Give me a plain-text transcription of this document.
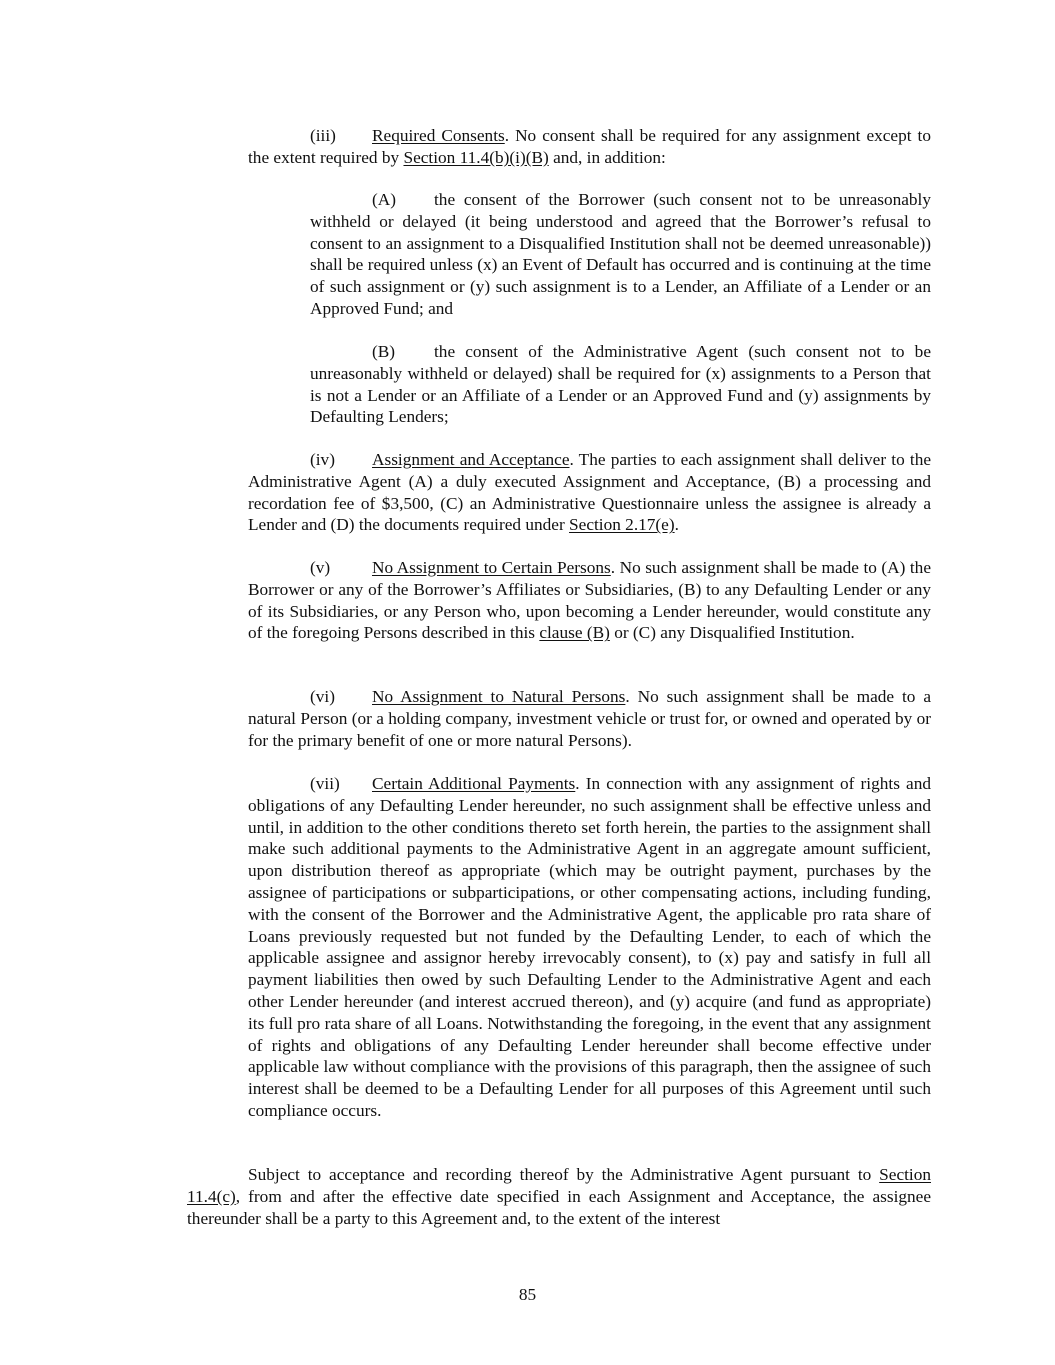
(iii) Required Consents. No consent shall be required for any assignment except to the extent required by Section 11.4(b)(i)(B) and, in addition:

(A) the consent of the Borrower (such consent not to be unreasonably withheld or delayed (it being understood and agreed that the Borrower’s refusal to consent to an assignment to a Disqualified Institution shall not be deemed unreasonable)) shall be required unless (x) an Event of Default has occurred and is continuing at the time of such assignment or (y) such assignment is to a Lender, an Affiliate of a Lender or an Approved Fund; and

(B) the consent of the Administrative Agent (such consent not to be unreasonably withheld or delayed) shall be required for (x) assignments to a Person that is not a Lender or an Affiliate of a Lender or an Approved Fund and (y) assignments by Defaulting Lenders;

(iv) Assignment and Acceptance. The parties to each assignment shall deliver to the Administrative Agent (A) a duly executed Assignment and Acceptance, (B) a processing and recordation fee of $3,500, (C) an Administrative Questionnaire unless the assignee is already a Lender and (D) the documents required under Section 2.17(e).

(v) No Assignment to Certain Persons. No such assignment shall be made to (A) the Borrower or any of the Borrower’s Affiliates or Subsidiaries, (B) to any Defaulting Lender or any of its Subsidiaries, or any Person who, upon becoming a Lender hereunder, would constitute any of the foregoing Persons described in this clause (B) or (C) any Disqualified Institution.

(vi) No Assignment to Natural Persons. No such assignment shall be made to a natural Person (or a holding company, investment vehicle or trust for, or owned and operated by or for the primary benefit of one or more natural Persons).

(vii) Certain Additional Payments. In connection with any assignment of rights and obligations of any Defaulting Lender hereunder, no such assignment shall be effective unless and until, in addition to the other conditions thereto set forth herein, the parties to the assignment shall make such additional payments to the Administrative Agent in an aggregate amount sufficient, upon distribution thereof as appropriate (which may be outright payment, purchases by the assignee of participations or subparticipations, or other compensating actions, including funding, with the consent of the Borrower and the Administrative Agent, the applicable pro rata share of Loans previously requested but not funded by the Defaulting Lender, to each of which the applicable assignee and assignor hereby irrevocably consent), to (x) pay and satisfy in full all payment liabilities then owed by such Defaulting Lender to the Administrative Agent and each other Lender hereunder (and interest accrued thereon), and (y) acquire (and fund as appropriate) its full pro rata share of all Loans. Notwithstanding the foregoing, in the event that any assignment of rights and obligations of any Defaulting Lender hereunder shall become effective under applicable law without compliance with the provisions of this paragraph, then the assignee of such interest shall be deemed to be a Defaulting Lender for all purposes of this Agreement until such compliance occurs.

Subject to acceptance and recording thereof by the Administrative Agent pursuant to Section 11.4(c), from and after the effective date specified in each Assignment and Acceptance, the assignee thereunder shall be a party to this Agreement and, to the extent of the interest

85
